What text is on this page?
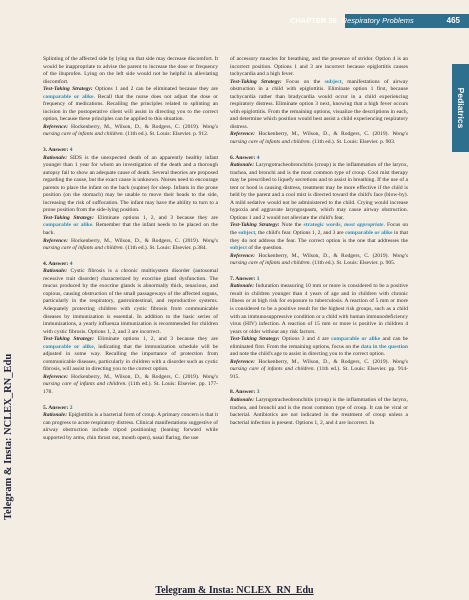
CHAPTER 36 Respiratory Problems	465
Pediatrics
Telegram & Insta: NCLEX_RN_Edu

Splinting of the affected side by lying on that side may decrease discomfort. It would be inappropriate to advise the parent to increase the dose or frequency of the ibuprofen. Lying on the left side would not be helpful in alleviating discomfort.

Test-Taking Strategy: Options 1 and 2 can be eliminated because they are comparable or alike. Recall that the nurse does not adjust the dose or frequency of medications. Recalling the principles related to splinting an incision in the postoperative client will assist in directing you to the correct option, because these principles can be applied to this situation.

Reference: Hockenberry, M., Wilson, D., & Rodgers, C. (2019). Wong's nursing care of infants and children. (11th ed.). St. Louis: Elsevier. p. 912.

3. Answer: 4

Rationale: SIDS is the unexpected death of an apparently healthy infant younger than 1 year for whom an investigation of the death and a thorough autopsy fail to show an adequate cause of death. Several theories are proposed regarding the cause, but the exact cause is unknown. Nurses need to encourage parents to place the infant on the back (supine) for sleep. Infants in the prone position (on the stomach) may be unable to move their heads to the side, increasing the risk of suffocation. The infant may have the ability to turn to a prone position from the side-lying position.

Test-Taking Strategy: Eliminate options 1, 2, and 3 because they are comparable or alike. Remember that the infant needs to be placed on the back.

Reference: Hockenberry, M., Wilson, D., & Rodgers, C. (2019). Wong's nursing care of infants and children. (11th ed.). St. Louis: Elsevier. p.384.

4. Answer: 4

Rationale: Cystic fibrosis is a chronic multisystem disorder (autosomal recessive trait disorder) characterized by exocrine gland dysfunction. The mucus produced by the exocrine glands is abnormally thick, tenacious, and copious, causing obstruction of the small passageways of the affected organs, particularly in the respiratory, gastrointestinal, and reproductive systems. Adequately protecting children with cystic fibrosis from communicable diseases by immunization is essential. In addition to the basic series of immunizations, a yearly influenza immunization is recommended for children with cystic fibrosis. Options 1, 2, and 3 are incorrect.

Test-Taking Strategy: Eliminate options 1, 2, and 3 because they are comparable or alike, indicating that the immunization schedule will be adjusted in some way. Recalling the importance of protection from communicable diseases, particularly in children with a disorder such as cystic fibrosis, will assist in directing you to the correct option.

Reference: Hockenberry, M., Wilson, D., & Rodgers, C. (2019). Wong's nursing care of infants and children. (11th ed.). St. Louis: Elsevier. pp. 177-178.

5. Answer: 2

Rationale: Epiglottitis is a bacterial form of croup. A primary concern is that it can progress to acute respiratory distress. Clinical manifestations suggestive of airway obstruction include tripod positioning (leaning forward while supported by arms, chin thrust out, mouth open), nasal flaring, the use

of accessory muscles for breathing, and the presence of stridor. Option 4 is an incorrect position. Options 1 and 3 are incorrect because epiglottitis causes tachycardia and a high fever.

Test-Taking Strategy: Focus on the subject, manifestations of airway obstruction in a child with epiglottitis. Eliminate option 1 first, because tachycardia rather than bradycardia would occur in a child experiencing respiratory distress. Eliminate option 3 next, knowing that a high fever occurs with epiglottitis. From the remaining options, visualize the descriptions in each, and determine which position would best assist a child experiencing respiratory distress.

Reference: Hockenberry, M., Wilson, D., & Rodgers, C. (2019). Wong's nursing care of infants and children. (11th ed.). St. Louis: Elsevier. p. 903.

6. Answer: 4

Rationale: Laryngotracheobronchitis (croup) is the inflammation of the larynx, trachea, and bronchi and is the most common type of croup. Cool mist therapy may be prescribed to liquefy secretions and to assist in breathing. If the use of a tent or hood is causing distress, treatment may be more effective if the child is held by the parent and a cool mist is directed toward the child's face (blow-by). A mild sedative would not be administered to the child. Crying would increase hypoxia and aggravate laryngospasm, which may cause airway obstruction. Options 1 and 2 would not alleviate the child's fear.

Test-Taking Strategy: Note the strategic words, most appropriate. Focus on the subject, the child's fear. Options 1, 2, and 3 are comparable or alike in that they do not address the fear. The correct option is the one that addresses the subject of the question.

Reference: Hockenberry, M., Wilson, D., & Rodgers, C. (2019). Wong's nursing care of infants and children. (11th ed.). St. Louis: Elsevier. p. 905.

7. Answer: 1

Rationale: Induration measuring 10 mm or more is considered to be a positive result in children younger than 4 years of age and in children with chronic illness or at high risk for exposure to tuberculosis. A reaction of 5 mm or more is considered to be a positive result for the highest risk groups, such as a child with an immunosuppressive condition or a child with human immunodeficiency virus (HIV) infection. A reaction of 15 mm or more is positive in children 4 years or older without any risk factors.

Test-Taking Strategy: Options 3 and 4 are comparable or alike and can be eliminated first. From the remaining options, focus on the data in the question and note the child's age to assist in directing you to the correct option.

Reference: Hockenberry, M., Wilson, D., & Rodgers, C. (2019). Wong's nursing care of infants and children. (11th ed.). St. Louis: Elsevier. pp. 914-915.

8. Answer: 3

Rationale: Laryngotracheobronchitis (croup) is the inflammation of the larynx, trachea, and bronchi and is the most common type of croup. It can be viral or bacterial. Antibiotics are not indicated in the treatment of croup unless a bacterial infection is present. Options 1, 2, and 4 are incorrect. In

Telegram & Insta: NCLEX_RN_Edu
